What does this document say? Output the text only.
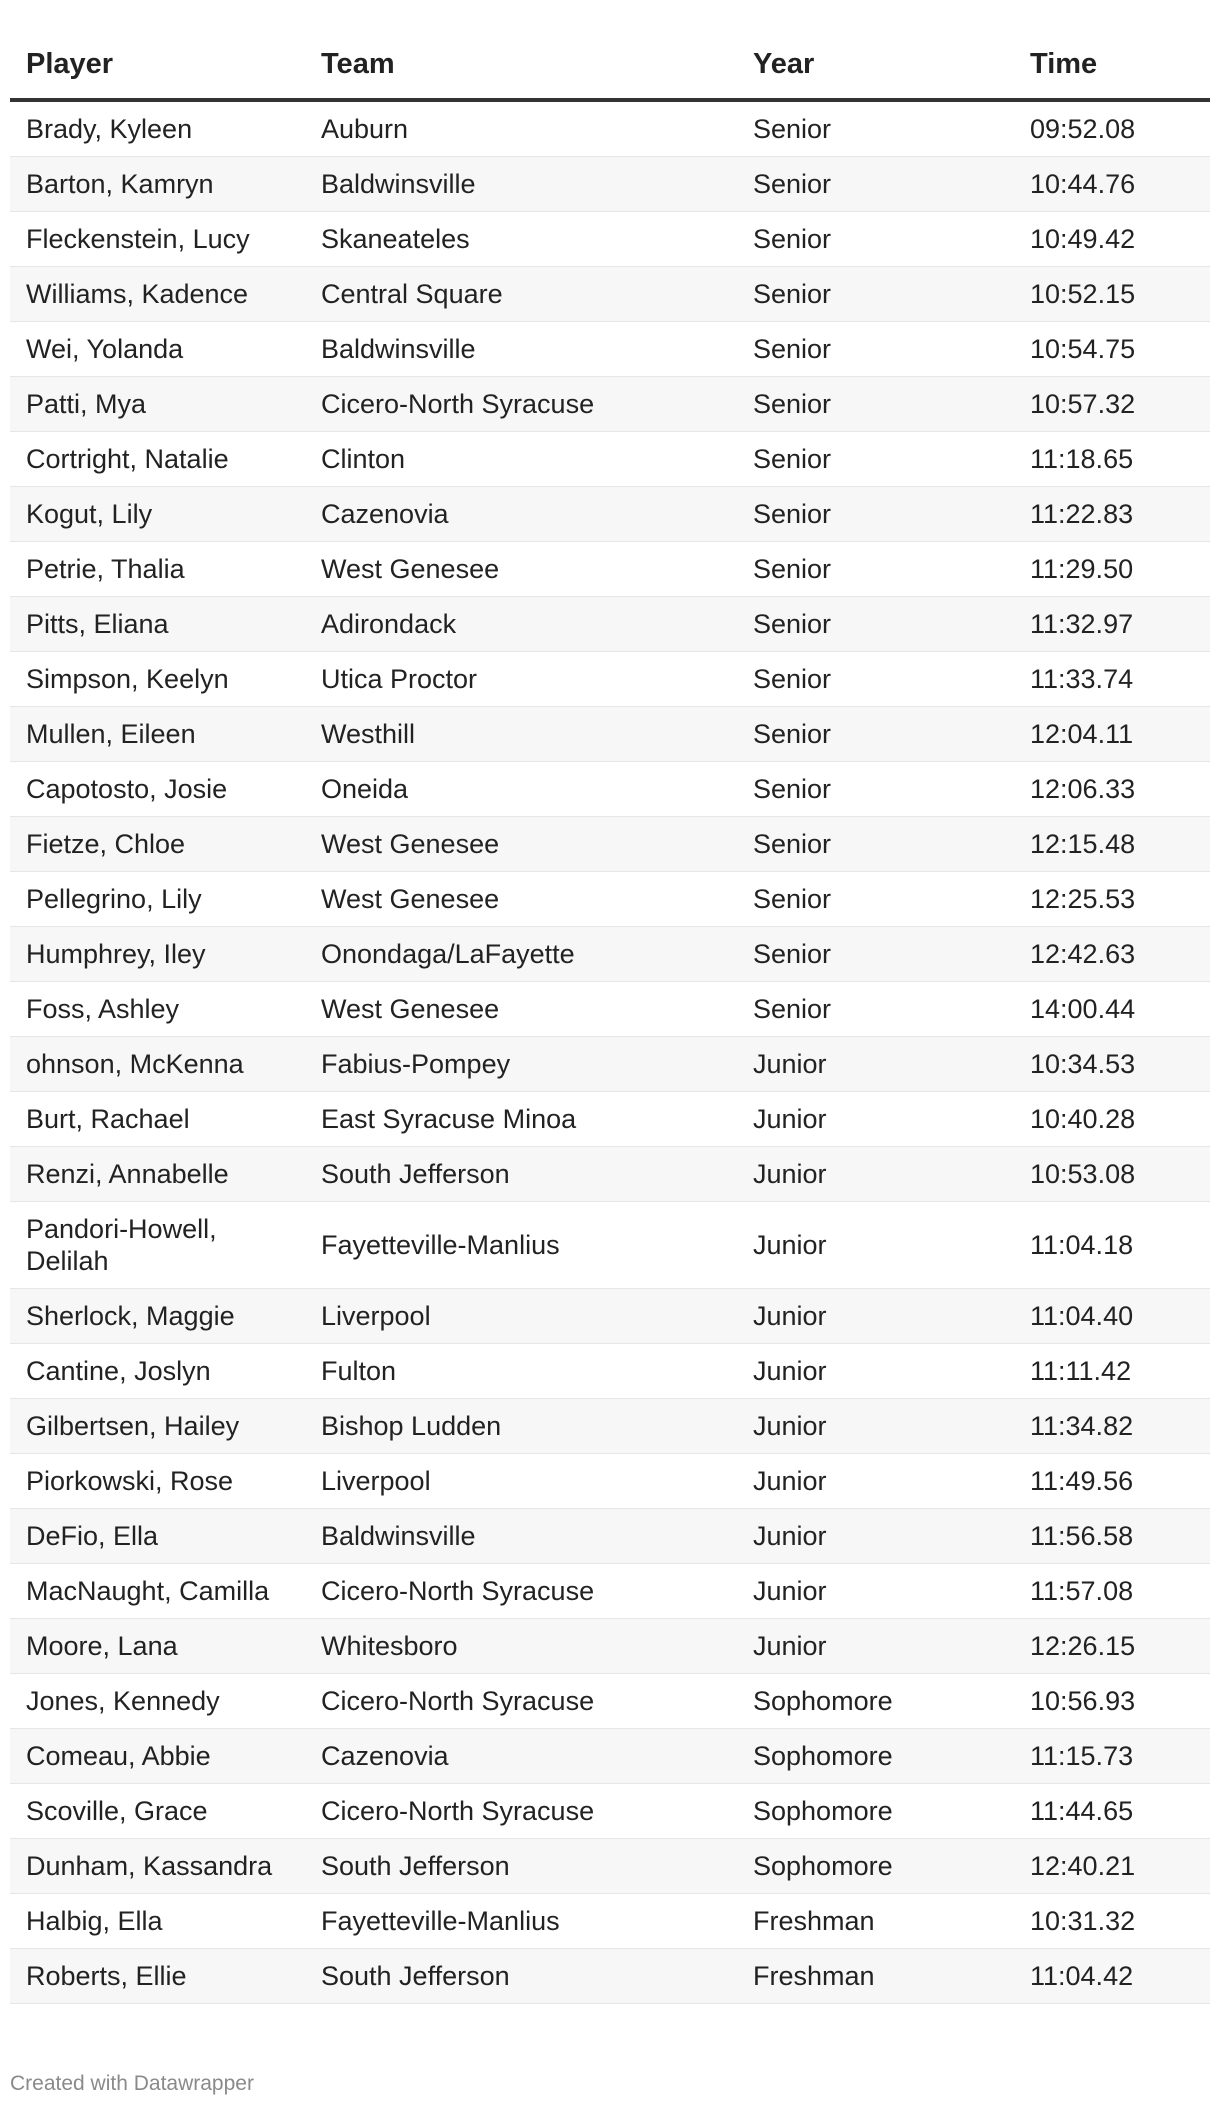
Player	Team	Year	Time
Brady, Kyleen	Auburn	Senior	09:52.08
Barton, Kamryn	Baldwinsville	Senior	10:44.76
Fleckenstein, Lucy	Skaneateles	Senior	10:49.42
Williams, Kadence	Central Square	Senior	10:52.15
Wei, Yolanda	Baldwinsville	Senior	10:54.75
Patti, Mya	Cicero-North Syracuse	Senior	10:57.32
Cortright, Natalie	Clinton	Senior	11:18.65
Kogut, Lily	Cazenovia	Senior	11:22.83
Petrie, Thalia	West Genesee	Senior	11:29.50
Pitts, Eliana	Adirondack	Senior	11:32.97
Simpson, Keelyn	Utica Proctor	Senior	11:33.74
Mullen, Eileen	Westhill	Senior	12:04.11
Capotosto, Josie	Oneida	Senior	12:06.33
Fietze, Chloe	West Genesee	Senior	12:15.48
Pellegrino, Lily	West Genesee	Senior	12:25.53
Humphrey, Iley	Onondaga/LaFayette	Senior	12:42.63
Foss, Ashley	West Genesee	Senior	14:00.44
ohnson, McKenna	Fabius-Pompey	Junior	10:34.53
Burt, Rachael	East Syracuse Minoa	Junior	10:40.28
Renzi, Annabelle	South Jefferson	Junior	10:53.08
Pandori-Howell, Delilah	Fayetteville-Manlius	Junior	11:04.18
Sherlock, Maggie	Liverpool	Junior	11:04.40
Cantine, Joslyn	Fulton	Junior	11:11.42
Gilbertsen, Hailey	Bishop Ludden	Junior	11:34.82
Piorkowski, Rose	Liverpool	Junior	11:49.56
DeFio, Ella	Baldwinsville	Junior	11:56.58
MacNaught, Camilla	Cicero-North Syracuse	Junior	11:57.08
Moore, Lana	Whitesboro	Junior	12:26.15
Jones, Kennedy	Cicero-North Syracuse	Sophomore	10:56.93
Comeau, Abbie	Cazenovia	Sophomore	11:15.73
Scoville, Grace	Cicero-North Syracuse	Sophomore	11:44.65
Dunham, Kassandra	South Jefferson	Sophomore	12:40.21
Halbig, Ella	Fayetteville-Manlius	Freshman	10:31.32
Roberts, Ellie	South Jefferson	Freshman	11:04.42
Created with Datawrapper
